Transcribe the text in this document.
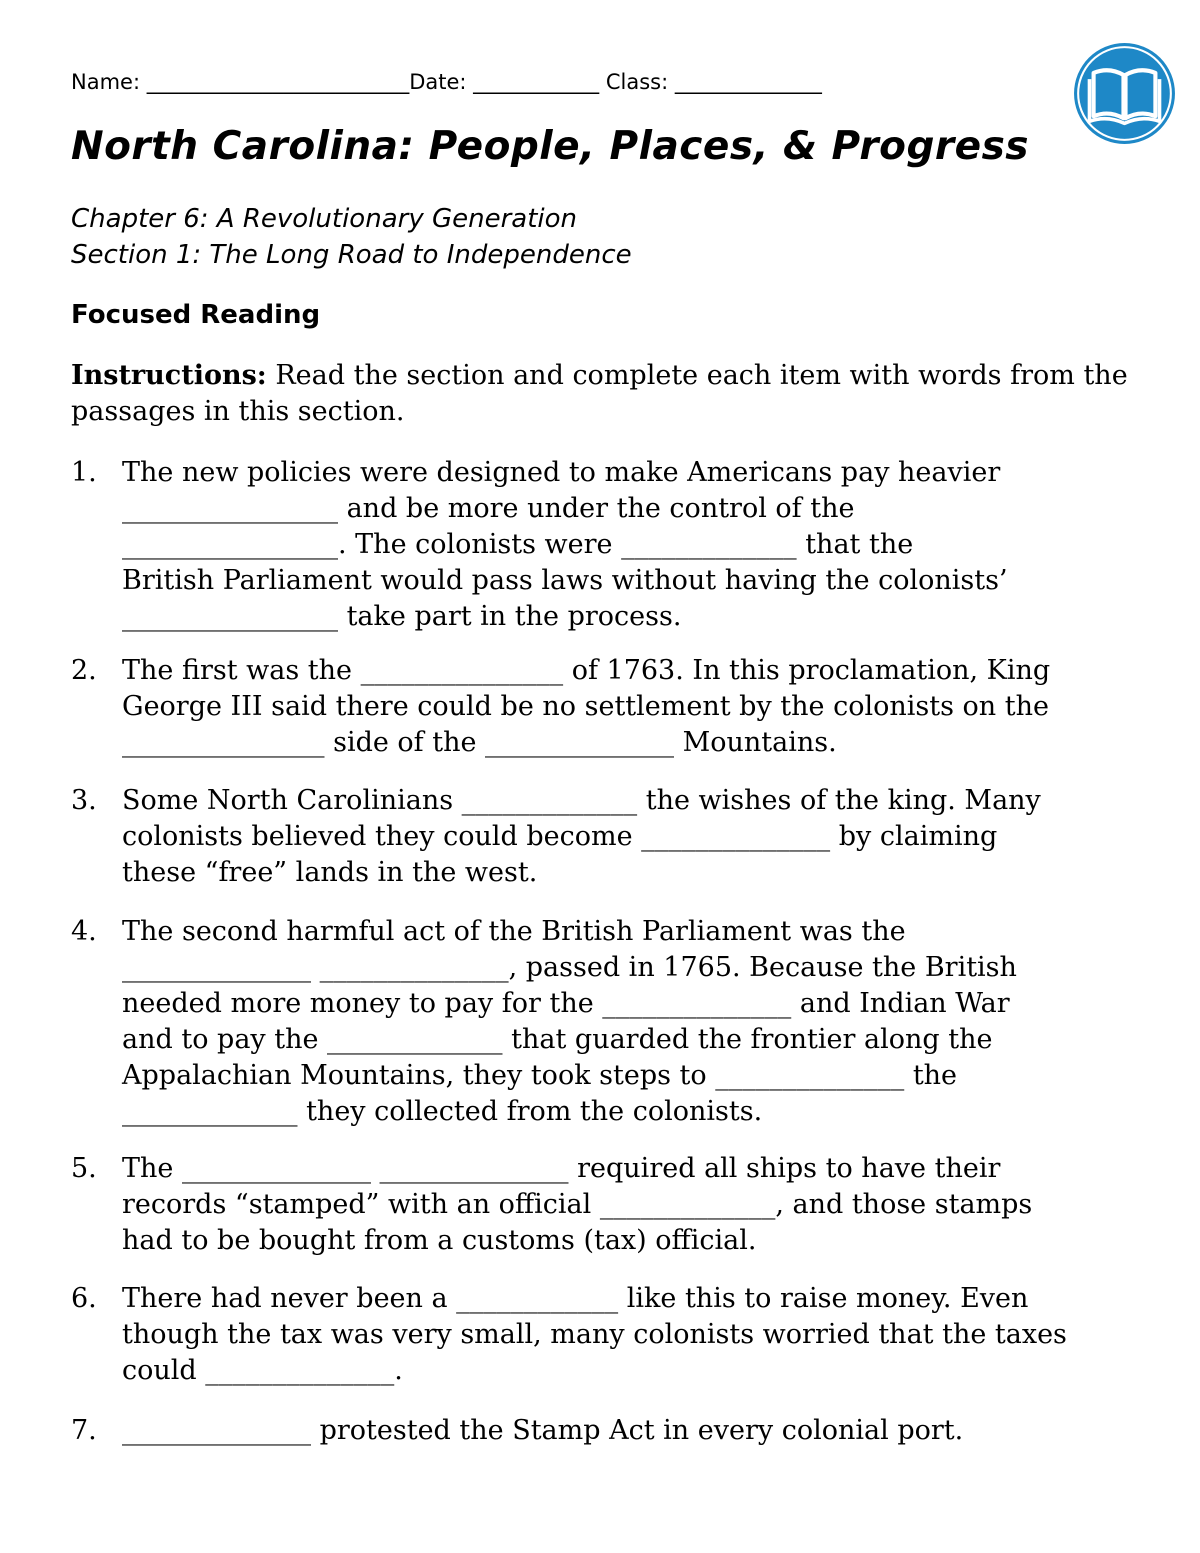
Name: _________________________Date: ____________ Class: ______________
North Carolina: People, Places, & Progress

Chapter 6: A Revolutionary Generation

Section 1: The Long Road to Independence

Focused Reading

Instructions: Read the section and complete each item with words from the passages in this section.

1. The new policies were designed to make Americans pay heavier
________________ and be more under the control of the
________________. The colonists were _____________ that the
British Parliament would pass laws without having the colonists’
________________ take part in the process.
2. The first was the _______________ of 1763. In this proclamation, King
George III said there could be no settlement by the colonists on the
_______________ side of the ______________ Mountains.
3. Some North Carolinians _____________ the wishes of the king. Many
colonists believed they could become ______________ by claiming
these “free” lands in the west.
4. The second harmful act of the British Parliament was the
______________ ______________, passed in 1765. Because the British
needed more money to pay for the ______________ and Indian War
and to pay the _____________ that guarded the frontier along the
Appalachian Mountains, they took steps to ______________ the
_____________ they collected from the colonists.
5. The ______________ ______________ required all ships to have their
records “stamped” with an official _____________, and those stamps
had to be bought from a customs (tax) official.
6. There had never been a ____________ like this to raise money. Even
though the tax was very small, many colonists worried that the taxes
could ______________.
7. ______________ protested the Stamp Act in every colonial port.
